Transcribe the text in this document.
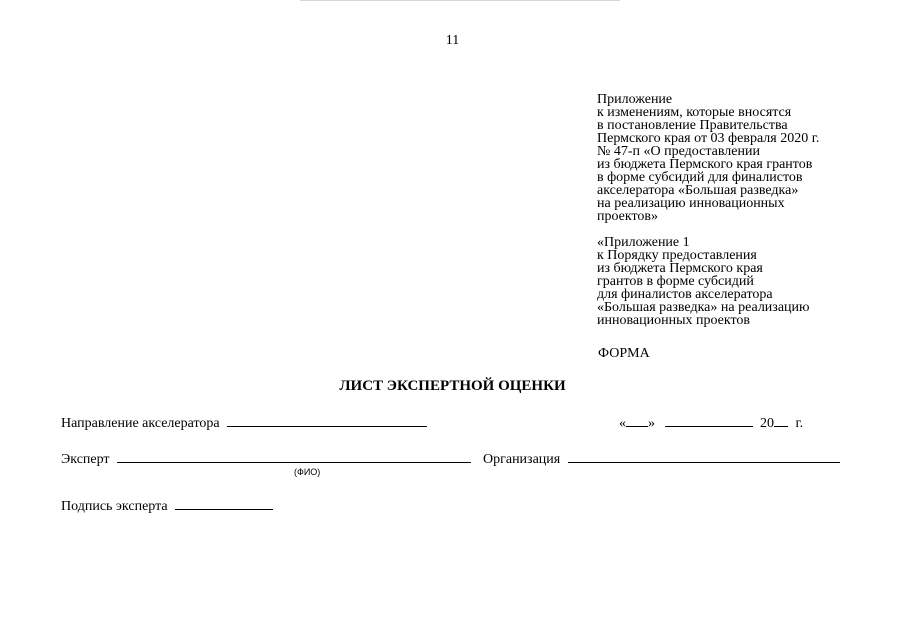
11
Приложение
к изменениям, которые вносятся
в постановление Правительства
Пермского края от 03 февраля 2020 г.
№ 47-п «О предоставлении
из бюджета Пермского края грантов
в форме субсидий для финалистов
акселератора «Большая разведка»
на реализацию инновационных
проектов»
«Приложение 1
к Порядку предоставления
из бюджета Пермского края
грантов в форме субсидий
для финалистов акселератора
«Большая разведка» на реализацию
инновационных проектов
ФОРМА
ЛИСТ ЭКСПЕРТНОЙ ОЦЕНКИ
Направление акселератора	« »	20 г.
Эксперт
(ФИО)
Организация
Подпись эксперта
